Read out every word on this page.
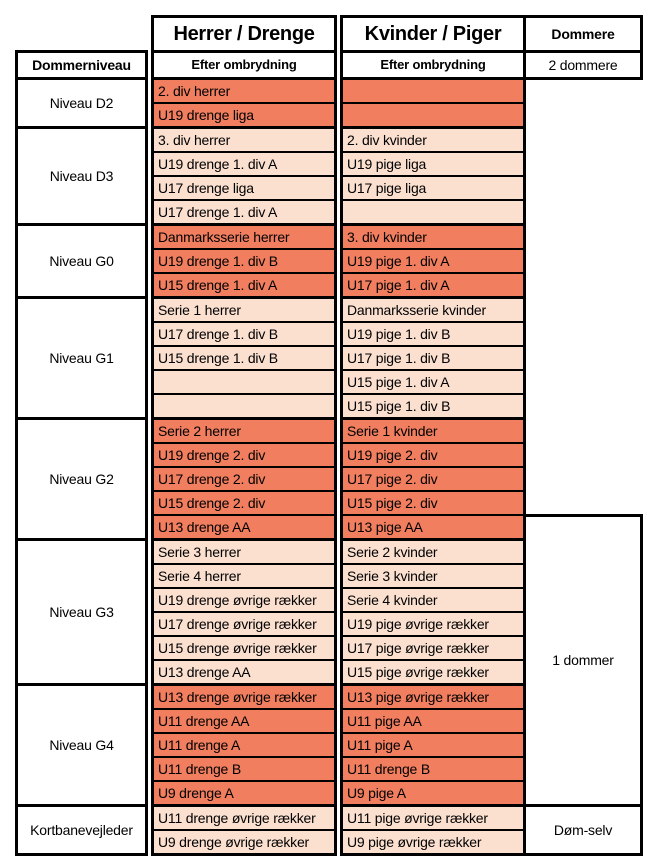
		Herrer / Drenge		Kvinder / Piger	Dommere
Dommerniveau		Efter ombrydning		Efter ombrydning	2 dommere
Niveau D2		2. div herrer			
		U19 drenge liga			
Niveau D3		3. div herrer		2. div kvinder	
		U19 drenge 1. div A		U19 pige liga	
		U17 drenge liga		U17 pige liga	
		U17 drenge 1. div A			
Niveau G0		Danmarksserie herrer		3. div kvinder	
		U19 drenge 1. div B		U19 pige 1. div A	
		U15 drenge 1. div A		U17 pige 1. div A	
Niveau G1		Serie 1 herrer		Danmarksserie kvinder	
		U17 drenge 1. div B		U19 pige 1. div B	
		U15 drenge 1. div B		U17 pige 1. div B	
				U15 pige 1. div A	
				U15 pige 1. div B	
Niveau G2		Serie 2 herrer		Serie 1 kvinder	
		U19 drenge 2. div		U19 pige 2. div	
		U17 drenge 2. div		U17 pige 2. div	
		U15 drenge 2. div		U15 pige 2. div	
		U13 drenge AA		U13 pige AA	1 dommer
Niveau G3		Serie 3 herrer		Serie 2 kvinder	
		Serie 4 herrer		Serie 3 kvinder	
		U19 drenge øvrige rækker		Serie 4 kvinder	
		U17 drenge øvrige rækker		U19 pige øvrige rækker	
		U15 drenge øvrige rækker		U17 pige øvrige rækker	
		U13 drenge AA		U15 pige øvrige rækker	
Niveau G4		U13 drenge øvrige rækker		U13 pige øvrige rækker	
		U11 drenge AA		U11 pige AA	
		U11 drenge A		U11 pige A	
		U11 drenge B		U11 drenge B	
		U9 drenge A		U9 pige A	
Kortbanevejleder		U11 drenge øvrige rækker		U11 pige øvrige rækker	Døm-selv
		U9 drenge øvrige rækker		U9 pige øvrige rækker	
